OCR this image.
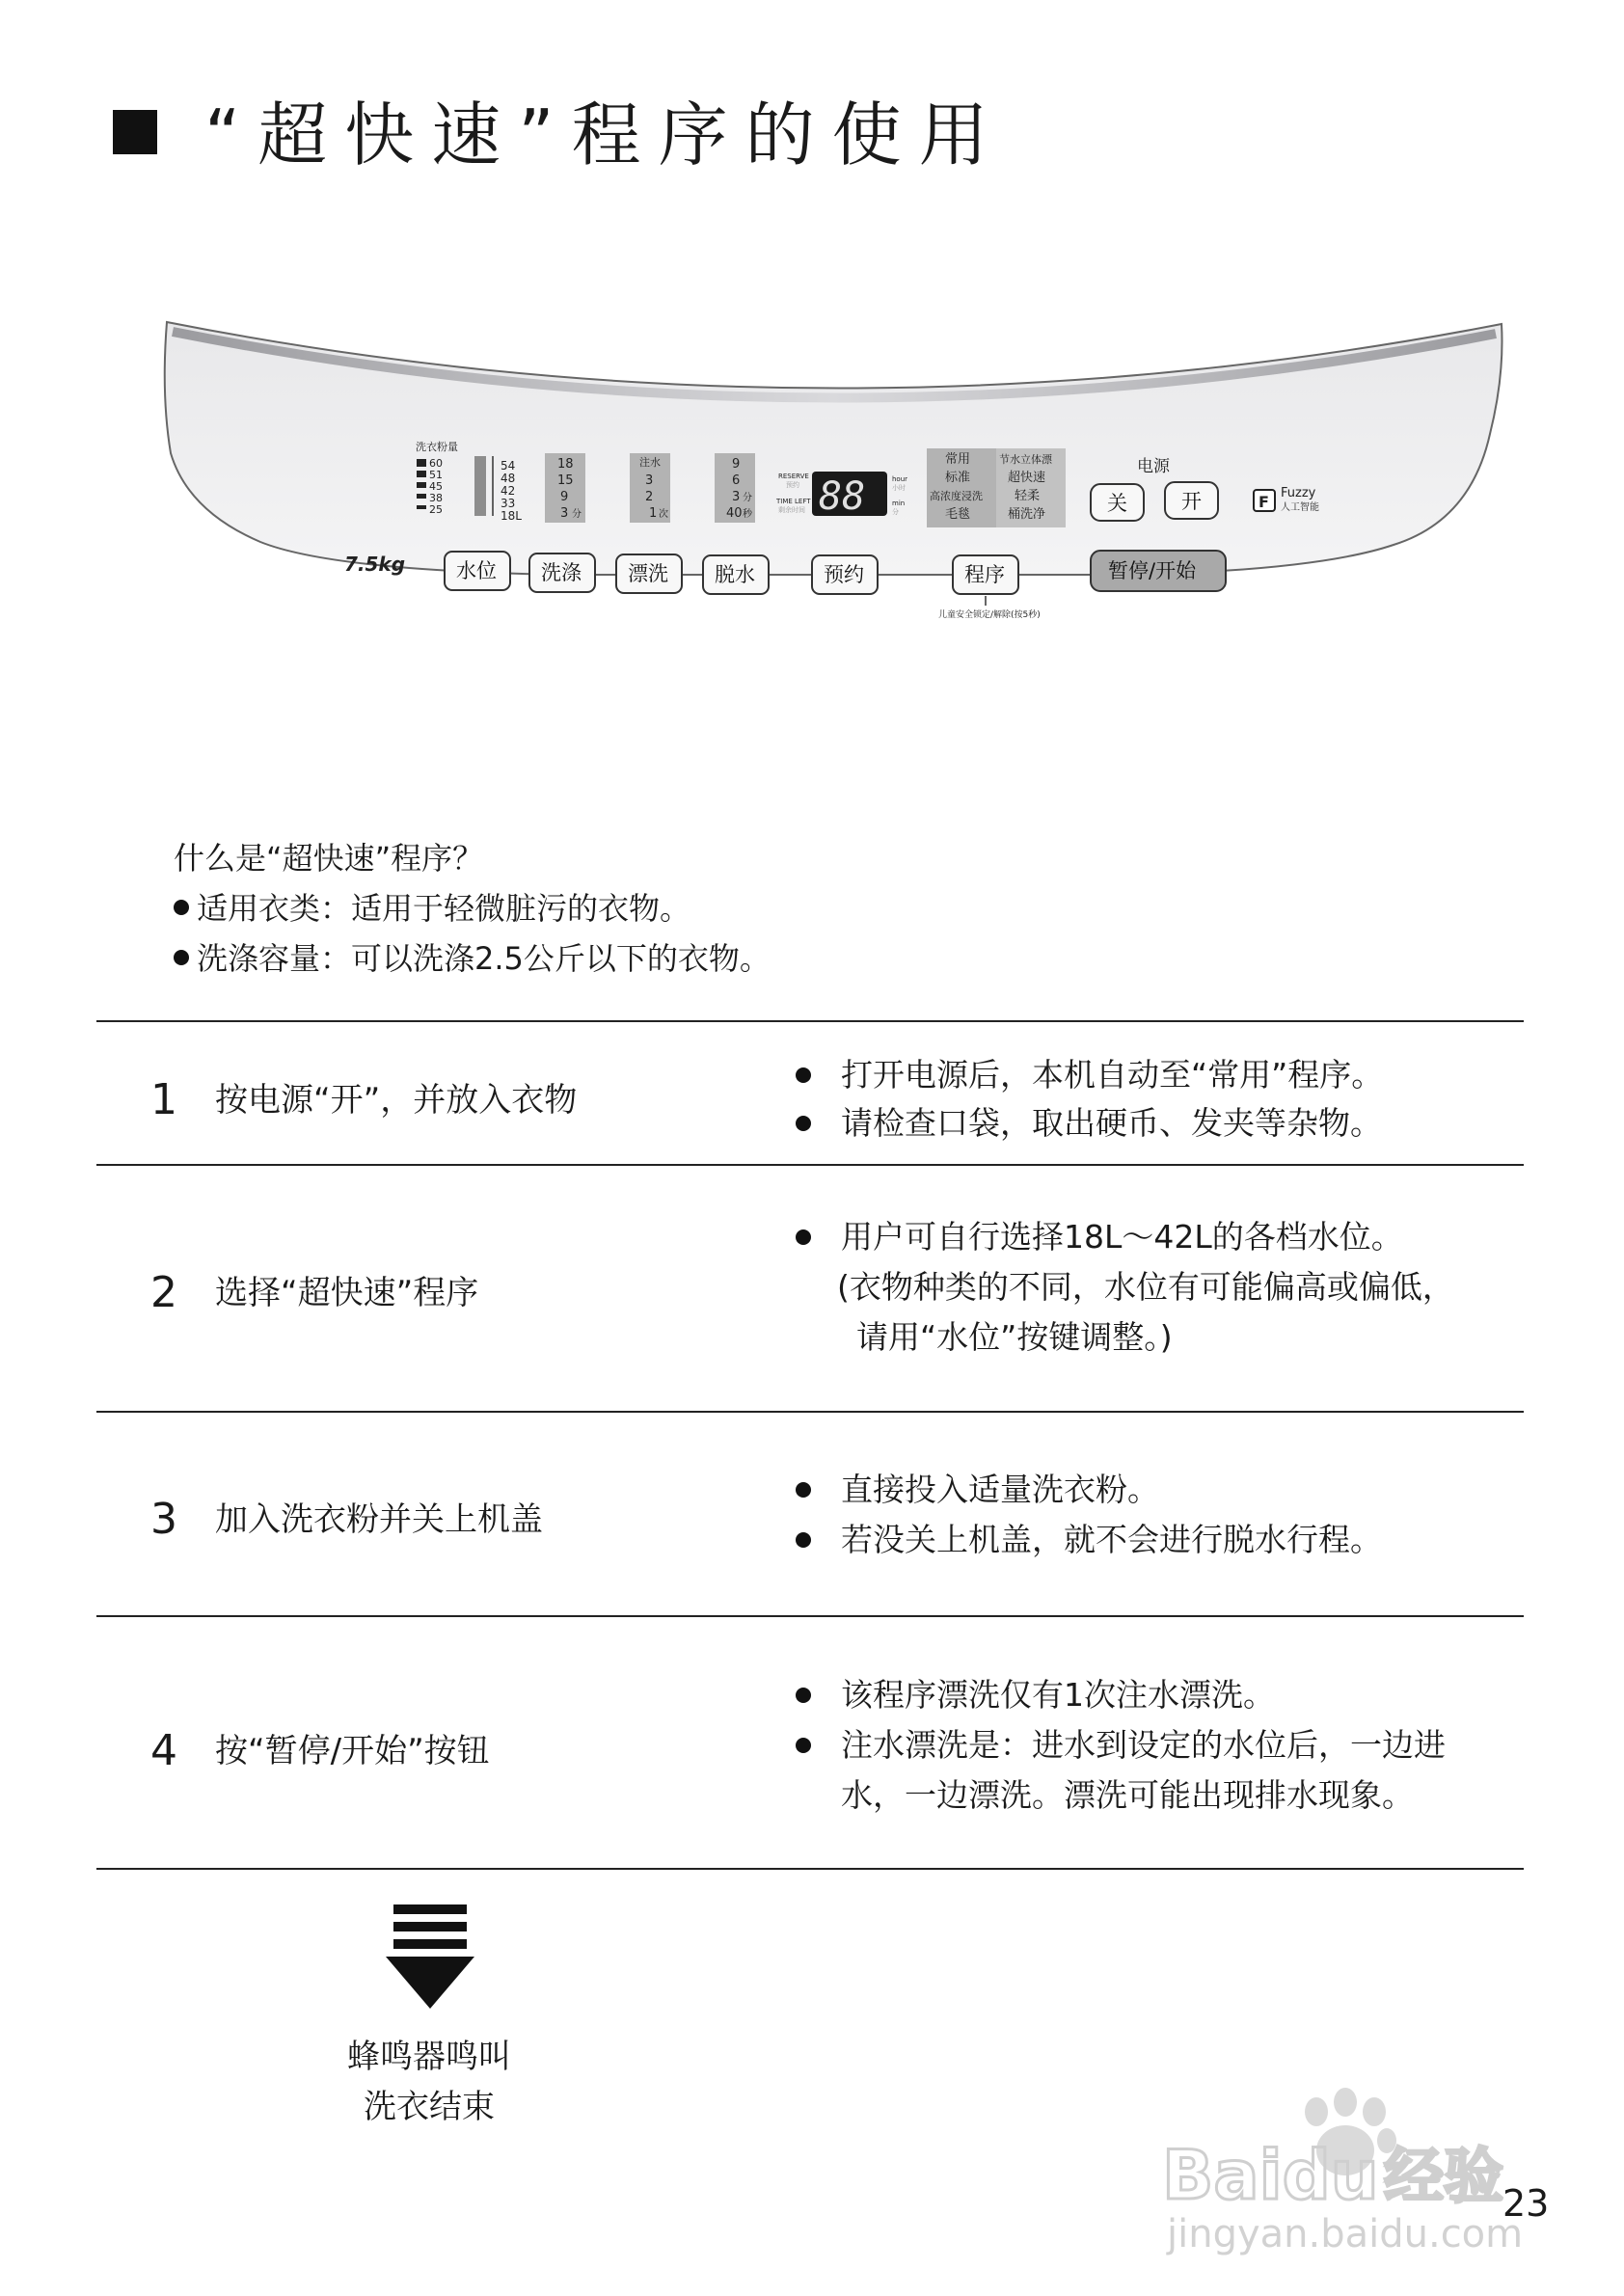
“超快速”程序的使用
洗衣粉量
60
51
45
38
25
54
48
42
33
18L
18
15
9
3 分
注水
3
2
1 次
9
6
3 分
40 秒
RESERVE
预约
TIME LEFT
剩余时间
hour
小时
min
分
88
常用
标准
高浓度浸洗
毛毯
节水立体漂
超快速
轻柔
桶洗净
电源
关	开	F Fuzzy
人工智能
7.5kg	水位 洗涤 漂洗 脱水	预约	程序	暂停/开始
儿童安全锁定/解除(按5秒)
什么是“超快速”程序？
适用衣类：适用于轻微脏污的衣物。
洗涤容量：可以洗涤2.5公斤以下的衣物。
1 按电源“开”，并放入衣物
打开电源后，本机自动至“常用”程序。
请检查口袋，取出硬币、发夹等杂物。
2 选择“超快速”程序
用户可自行选择18L～42L的各档水位。
(衣物种类的不同，水位有可能偏高或偏低，
请用“水位”按键调整。)
3 加入洗衣粉并关上机盖
直接投入适量洗衣粉。
若没关上机盖，就不会进行脱水行程。
4 按“暂停/开始”按钮
该程序漂洗仅有1次注水漂洗。
注水漂洗是：进水到设定的水位后，一边进
水，一边漂洗。漂洗可能出现排水现象。
蜂鸣器鸣叫
洗衣结束
Baidu 经验
jingyan.baidu.com
23
